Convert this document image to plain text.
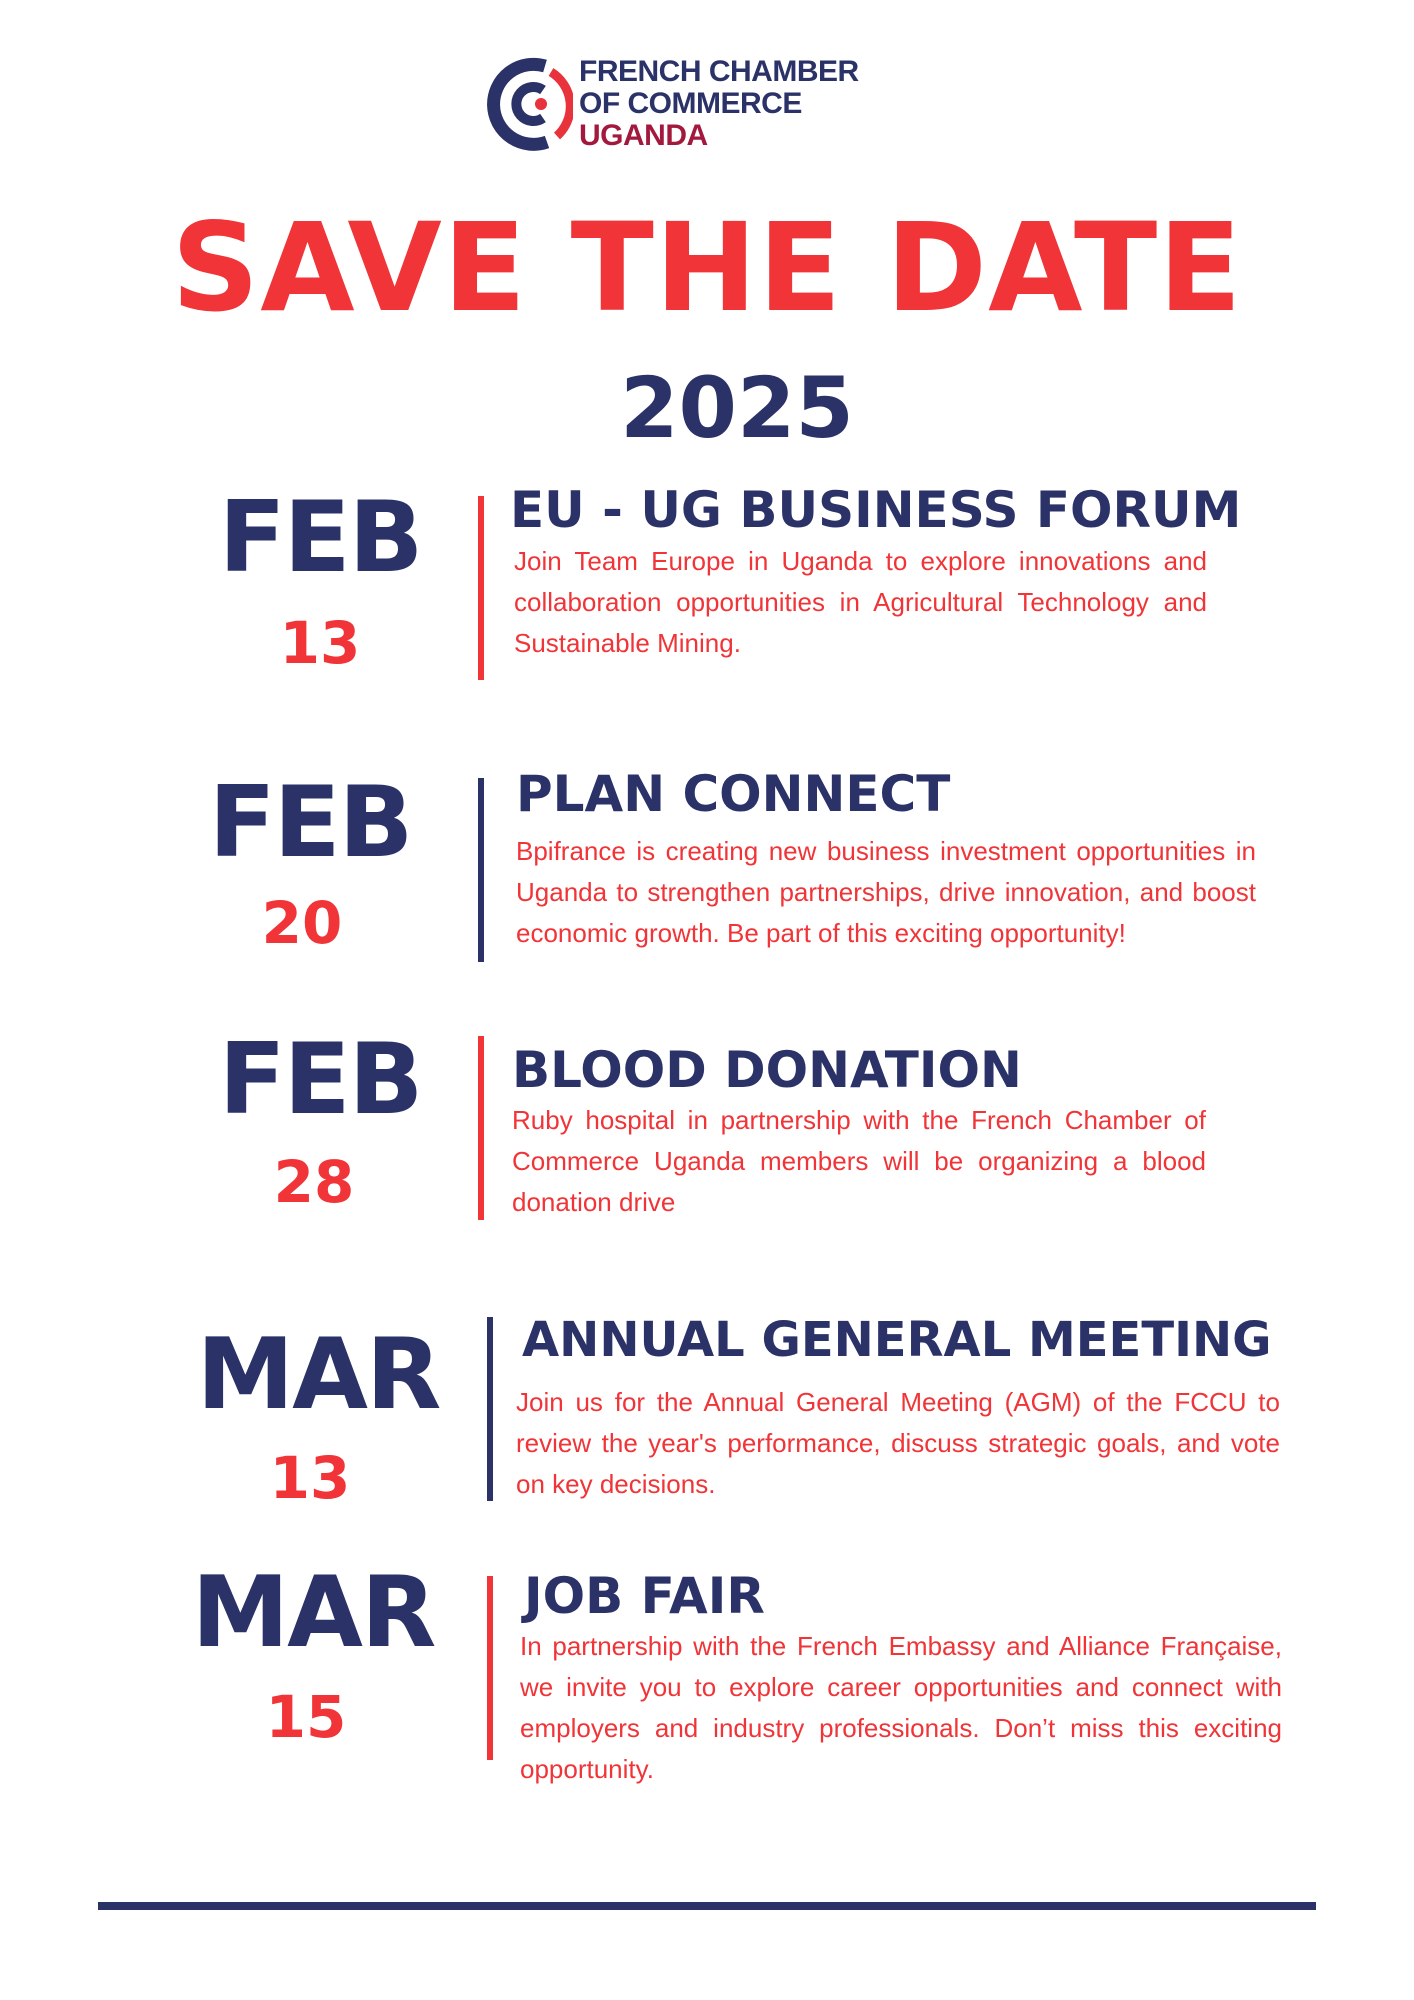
FRENCH CHAMBER
OF COMMERCE
UGANDA
SAVE THE DATE
2025
FEB
13
EU - UG BUSINESS FORUM
Join Team Europe in Uganda to explore innovations and collaboration opportunities in Agricultural Technology and Sustainable Mining.
FEB
20
PLAN CONNECT
Bpifrance is creating new business investment opportunities in Uganda to strengthen partnerships, drive innovation, and boost economic growth. Be part of this exciting opportunity!
FEB
28
BLOOD DONATION
Ruby hospital in partnership with the French Chamber of Commerce Uganda members will be organizing a blood donation drive
MAR
13
ANNUAL GENERAL MEETING
Join us for the Annual General Meeting (AGM) of the FCCU to review the year's performance, discuss strategic goals, and vote on key decisions.
MAR
15
JOB FAIR
In partnership with the French Embassy and Alliance Française, we invite you to explore career opportunities and connect with employers and industry professionals. Don’t miss this exciting opportunity.
